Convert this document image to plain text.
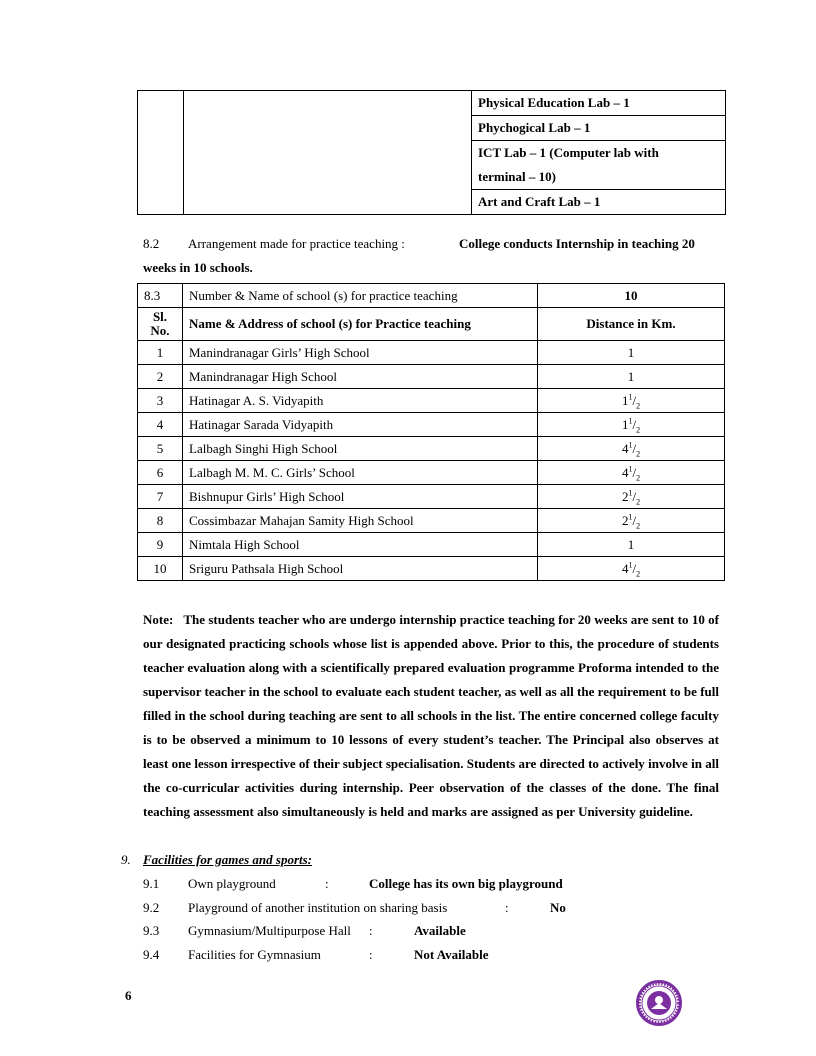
		Physical Education Lab – 1
Phychogical Lab – 1
ICT Lab – 1 (Computer lab with
terminal – 10)
Art and Craft Lab – 1
8.2 Arrangement made for practice teaching :	College conducts Internship in teaching 20
weeks in 10 schools.
8.3	Number & Name of school (s) for practice teaching	10
Sl.
No.	Name & Address of school (s) for Practice teaching	Distance in Km.
1	Manindranagar Girls’ High School	1
2	Manindranagar High School	1
3	Hatinagar A. S. Vidyapith	$1^1/_2$
4	Hatinagar Sarada Vidyapith	$1^1/_2$
5	Lalbagh Singhi High School	$4^1/_2$
6	Lalbagh M. M. C. Girls’ School	$4^1/_2$
7	Bishnupur Girls’ High School	$2^1/_2$
8	Cossimbazar Mahajan Samity High School	$2^1/_2$
9	Nimtala High School	1
10	Sriguru Pathsala High School	$4^1/_2$
Note: The students teacher who are undergo internship practice teaching for 20 weeks are sent to 10 of our designated practicing schools whose list is appended above. Prior to this, the procedure of students teacher evaluation along with a scientifically prepared evaluation programme Proforma intended to the supervisor teacher in the school to evaluate each student teacher, as well as all the requirement to be full filled in the school during teaching are sent to all schools in the list. The entire concerned college faculty is to be observed a minimum to 10 lessons of every student’s teacher. The Principal also observes at least one lesson irrespective of their subject specialisation. Students are directed to actively involve in all the co-curricular activities during internship. Peer observation of the classes of the done. The final teaching assessment also simultaneously is held and marks are assigned as per University guideline.
9. Facilities for games and sports:
9.1 Own playground	:	College has its own big playground
9.2 Playground of another institution on sharing basis	:	No
9.3 Gymnasium/Multipurpose Hall :	Available
9.4 Facilities for Gymnasium	:	Not Available
6
